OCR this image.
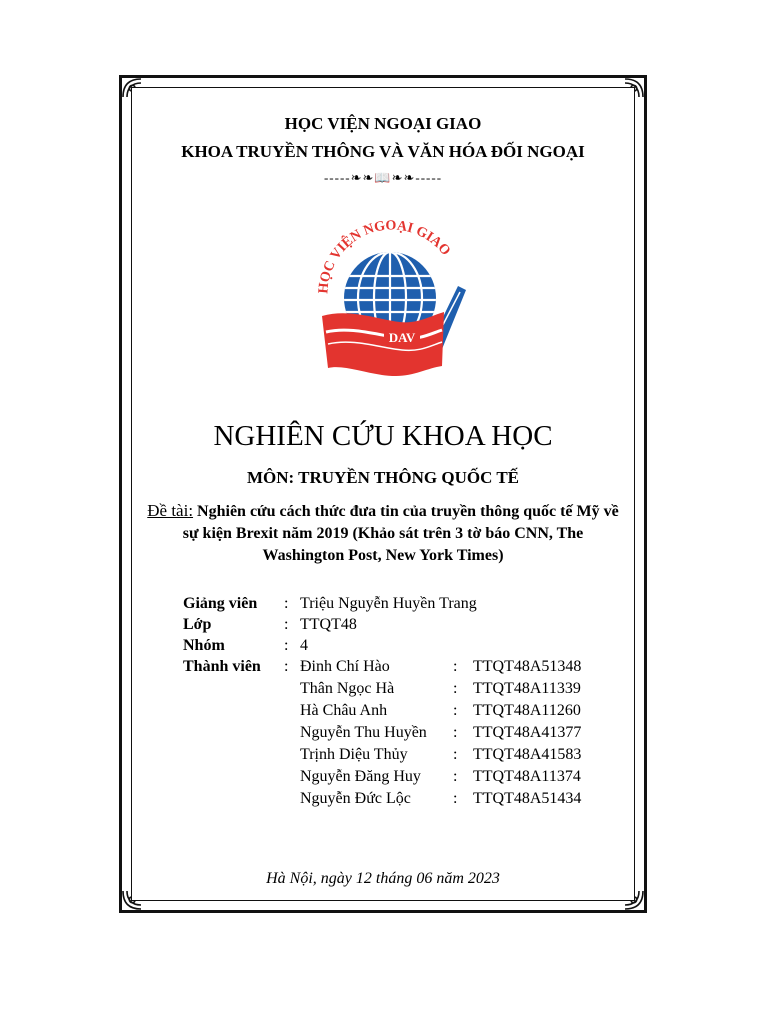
HỌC VIỆN NGOẠI GIAO
KHOA TRUYỀN THÔNG VÀ VĂN HÓA ĐỐI NGOẠI
-----❧❧📖❧❧-----
HỌC VIỆN NGOẠI GIAO
DAV
NGHIÊN CỨU KHOA HỌC
MÔN: TRUYỀN THÔNG QUỐC TẾ
Đề tài: Nghiên cứu cách thức đưa tin của truyền thông quốc tế Mỹ về sự kiện Brexit năm 2019 (Khảo sát trên 3 tờ báo CNN, The Washington Post, New York Times)
Giảng viên : Triệu Nguyễn Huyền Trang
Lớp	: TTQT48
Nhóm	: 4
Thành viên : Đinh Chí Hào	: TTQT48A51348
Thân Ngọc Hà	: TTQT48A11339
Hà Châu Anh	: TTQT48A11260
Nguyễn Thu Huyền : TTQT48A41377
Trịnh Diệu Thủy	: TTQT48A41583
Nguyễn Đăng Huy : TTQT48A11374
Nguyễn Đức Lộc	: TTQT48A51434
Hà Nội, ngày 12 tháng 06 năm 2023
